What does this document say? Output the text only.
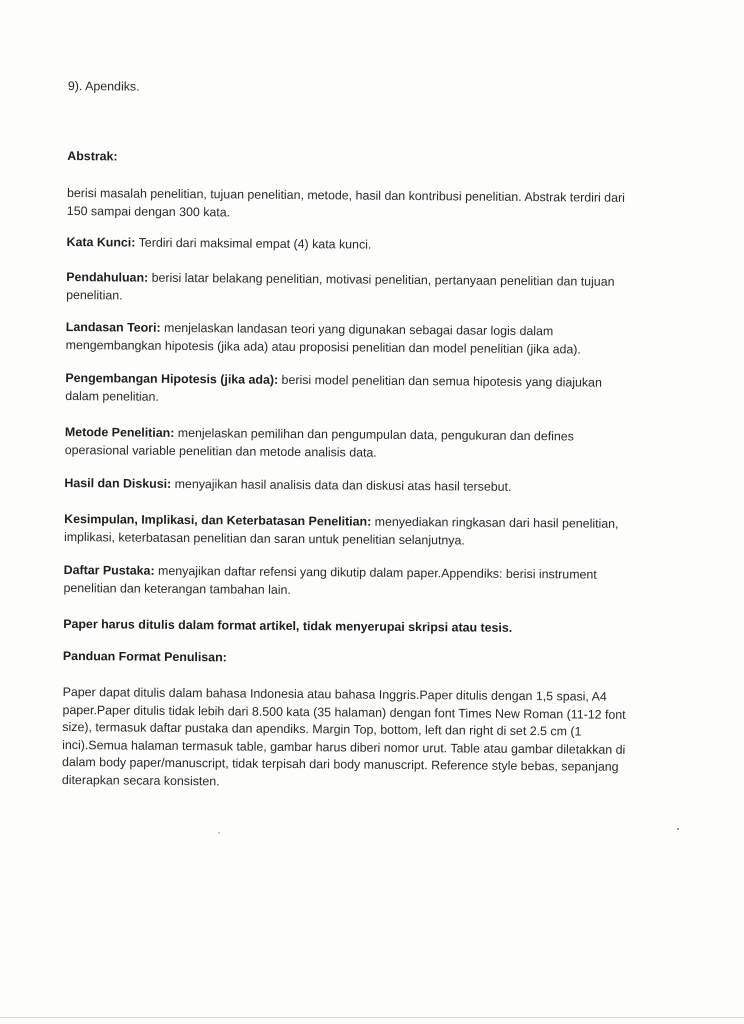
9). Apendiks.

Abstrak:

berisi masalah penelitian, tujuan penelitian, metode, hasil dan kontribusi penelitian. Abstrak terdiri dari 150 sampai dengan 300 kata.

Kata Kunci: Terdiri dari maksimal empat (4) kata kunci.

Pendahuluan: berisi latar belakang penelitian, motivasi penelitian, pertanyaan penelitian dan tujuan penelitian.

Landasan Teori: menjelaskan landasan teori yang digunakan sebagai dasar logis dalam mengembangkan hipotesis (jika ada) atau proposisi penelitian dan model penelitian (jika ada).

Pengembangan Hipotesis (jika ada): berisi model penelitian dan semua hipotesis yang diajukan dalam penelitian.

Metode Penelitian: menjelaskan pemilihan dan pengumpulan data, pengukuran dan defines operasional variable penelitian dan metode analisis data.

Hasil dan Diskusi: menyajikan hasil analisis data dan diskusi atas hasil tersebut.

Kesimpulan, Implikasi, dan Keterbatasan Penelitian: menyediakan ringkasan dari hasil penelitian, implikasi, keterbatasan penelitian dan saran untuk penelitian selanjutnya.

Daftar Pustaka: menyajikan daftar refensi yang dikutip dalam paper.Appendiks: berisi instrument penelitian dan keterangan tambahan lain.

Paper harus ditulis dalam format artikel, tidak menyerupai skripsi atau tesis.

Panduan Format Penulisan:

Paper dapat ditulis dalam bahasa Indonesia atau bahasa Inggris.Paper ditulis dengan 1,5 spasi, A4 paper.Paper ditulis tidak lebih dari 8.500 kata (35 halaman) dengan font Times New Roman (11-12 font size), termasuk daftar pustaka dan apendiks. Margin Top, bottom, left dan right di set 2.5 cm (1 inci).Semua halaman termasuk table, gambar harus diberi nomor urut. Table atau gambar diletakkan di dalam body paper/manuscript, tidak terpisah dari body manuscript. Reference style bebas, sepanjang diterapkan secara konsisten.
